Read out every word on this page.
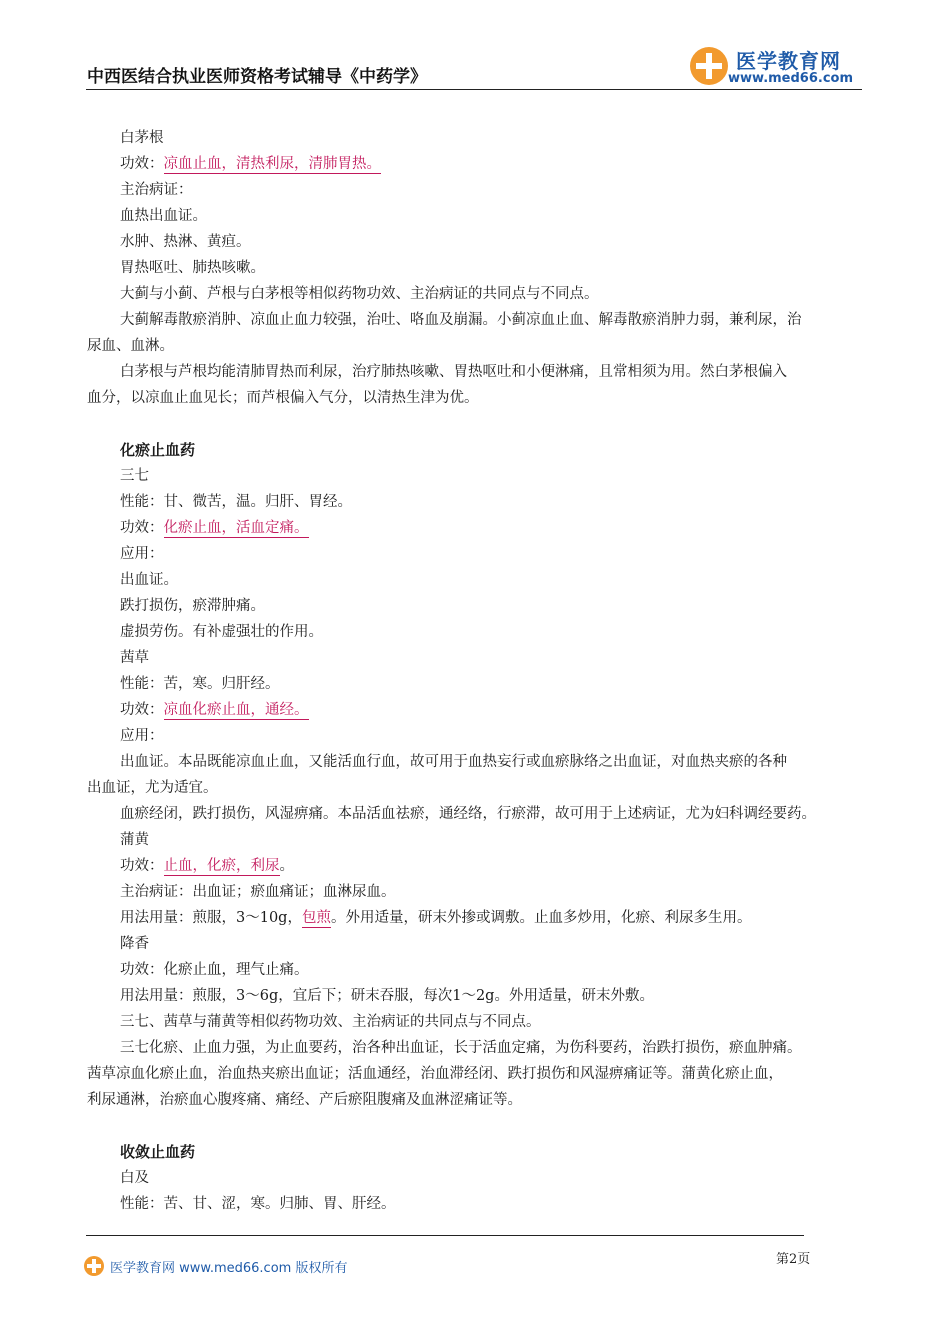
中西医结合执业医师资格考试辅导《中药学》
医学教育网
www.med66.com
白茅根
功效：凉血止血，清热利尿，清肺胃热。
主治病证：
血热出血证。
水肿、热淋、黄疸。
胃热呕吐、肺热咳嗽。
大蓟与小蓟、芦根与白茅根等相似药物功效、主治病证的共同点与不同点。
大蓟解毒散瘀消肿、凉血止血力较强，治吐、咯血及崩漏。小蓟凉血止血、解毒散瘀消肿力弱，兼利尿，治
尿血、血淋。
白茅根与芦根均能清肺胃热而利尿，治疗肺热咳嗽、胃热呕吐和小便淋痛，且常相须为用。然白茅根偏入
血分，以凉血止血见长；而芦根偏入气分，以清热生津为优。
化瘀止血药
三七
性能：甘、微苦，温。归肝、胃经。
功效：化瘀止血，活血定痛。
应用：
出血证。
跌打损伤，瘀滞肿痛。
虚损劳伤。有补虚强壮的作用。
茜草
性能：苦，寒。归肝经。
功效：凉血化瘀止血，通经。
应用：
出血证。本品既能凉血止血，又能活血行血，故可用于血热妄行或血瘀脉络之出血证，对血热夹瘀的各种
出血证，尤为适宜。
血瘀经闭，跌打损伤，风湿痹痛。本品活血祛瘀，通经络，行瘀滞，故可用于上述病证，尤为妇科调经要药。
蒲黄
功效：止血，化瘀，利尿。
主治病证：出血证；瘀血痛证；血淋尿血。
用法用量：煎服，3～10g，包煎。外用适量，研末外掺或调敷。止血多炒用，化瘀、利尿多生用。
降香
功效：化瘀止血，理气止痛。
用法用量：煎服，3～6g，宜后下；研末吞服，每次1～2g。外用适量，研末外敷。
三七、茜草与蒲黄等相似药物功效、主治病证的共同点与不同点。
三七化瘀、止血力强，为止血要药，治各种出血证，长于活血定痛，为伤科要药，治跌打损伤，瘀血肿痛。
茜草凉血化瘀止血，治血热夹瘀出血证；活血通经，治血滞经闭、跌打损伤和风湿痹痛证等。蒲黄化瘀止血，
利尿通淋，治瘀血心腹疼痛、痛经、产后瘀阻腹痛及血淋涩痛证等。
收敛止血药
白及
性能：苦、甘、涩，寒。归肺、胃、肝经。
医学教育网 www.med66.com 版权所有
第2页
